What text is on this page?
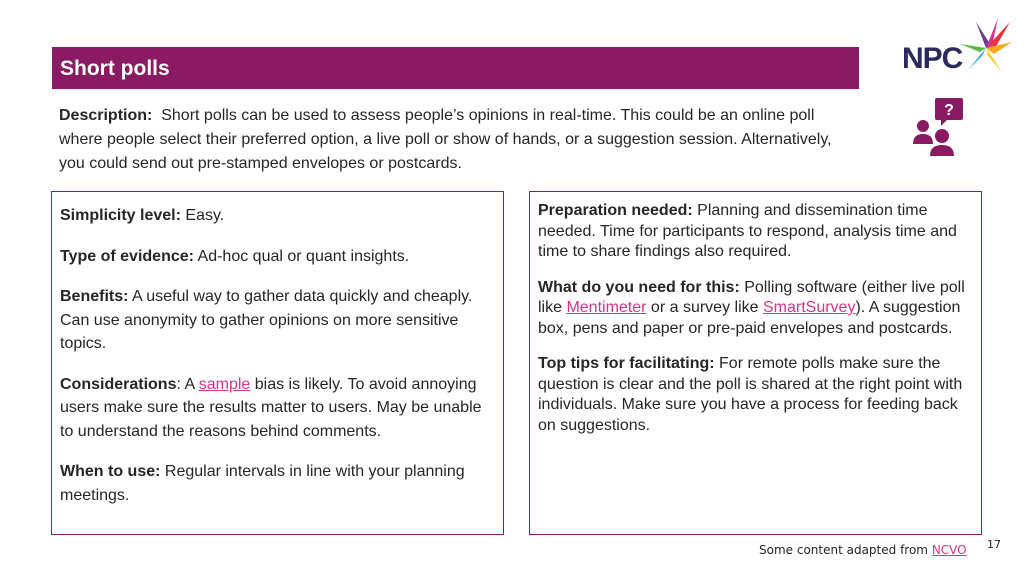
Short polls	NPC
?
Description: Short polls can be used to assess people’s opinions in real-time. This could be an online poll where people select their preferred option, a live poll or show of hands, or a suggestion session. Alternatively, you could send out pre-stamped envelopes or postcards.

Simplicity level: Easy.

Type of evidence: Ad-hoc qual or quant insights.

Benefits: A useful way to gather data quickly and cheaply. Can use anonymity to gather opinions on more sensitive topics.

Considerations: A sample bias is likely. To avoid annoying users make sure the results matter to users. May be unable to understand the reasons behind comments.

When to use: Regular intervals in line with your planning meetings.

Preparation needed: Planning and dissemination time needed. Time for participants to respond, analysis time and time to share findings also required.

What do you need for this: Polling software (either live poll like Mentimeter or a survey like SmartSurvey). A suggestion box, pens and paper or pre-paid envelopes and postcards.

Top tips for facilitating: For remote polls make sure the question is clear and the poll is shared at the right point with individuals. Make sure you have a process for feeding back on suggestions.

Some content adapted from NCVO 17
